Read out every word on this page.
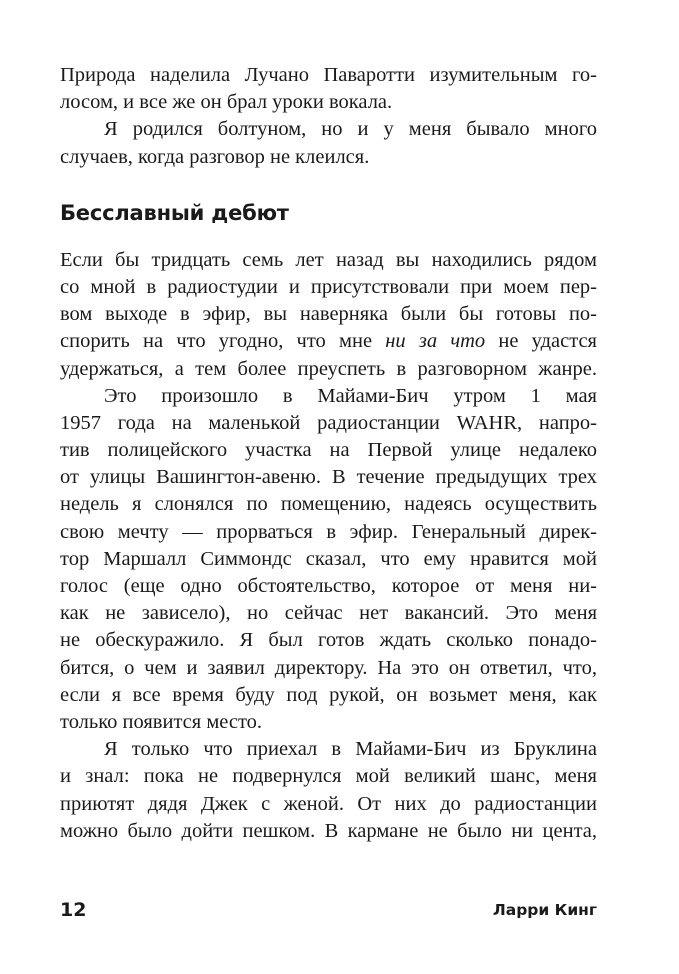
Природа наделила Лучано Паваротти изумительным го-
лосом, и все же он брал уроки вокала.
Я родился болтуном, но и у меня бывало много
случаев, когда разговор не клеился.
Бесславный дебют
Если бы тридцать семь лет назад вы находились рядом
со мной в радиостудии и присутствовали при моем пер-
вом выходе в эфир, вы наверняка были бы готовы по-
спорить на что угодно, что мне ни за что не удастся
удержаться, а тем более преуспеть в разговорном жанре.
Это произошло в Майами-Бич утром 1 мая
1957 года на маленькой радиостанции WAHR, напро-
тив полицейского участка на Первой улице недалеко
от улицы Вашингтон-авеню. В течение предыдущих трех
недель я слонялся по помещению, надеясь осуществить
свою мечту — прорваться в эфир. Генеральный дирек-
тор Маршалл Симмондс сказал, что ему нравится мой
голос (еще одно обстоятельство, которое от меня ни-
как не зависело), но сейчас нет вакансий. Это меня
не обескуражило. Я был готов ждать сколько понадо-
бится, о чем и заявил директору. На это он ответил, что,
если я все время буду под рукой, он возьмет меня, как
только появится место.
Я только что приехал в Майами-Бич из Бруклина
и знал: пока не подвернулся мой великий шанс, меня
приютят дядя Джек с женой. От них до радиостанции
можно было дойти пешком. В кармане не было ни цента,
12	Ларри Кинг
